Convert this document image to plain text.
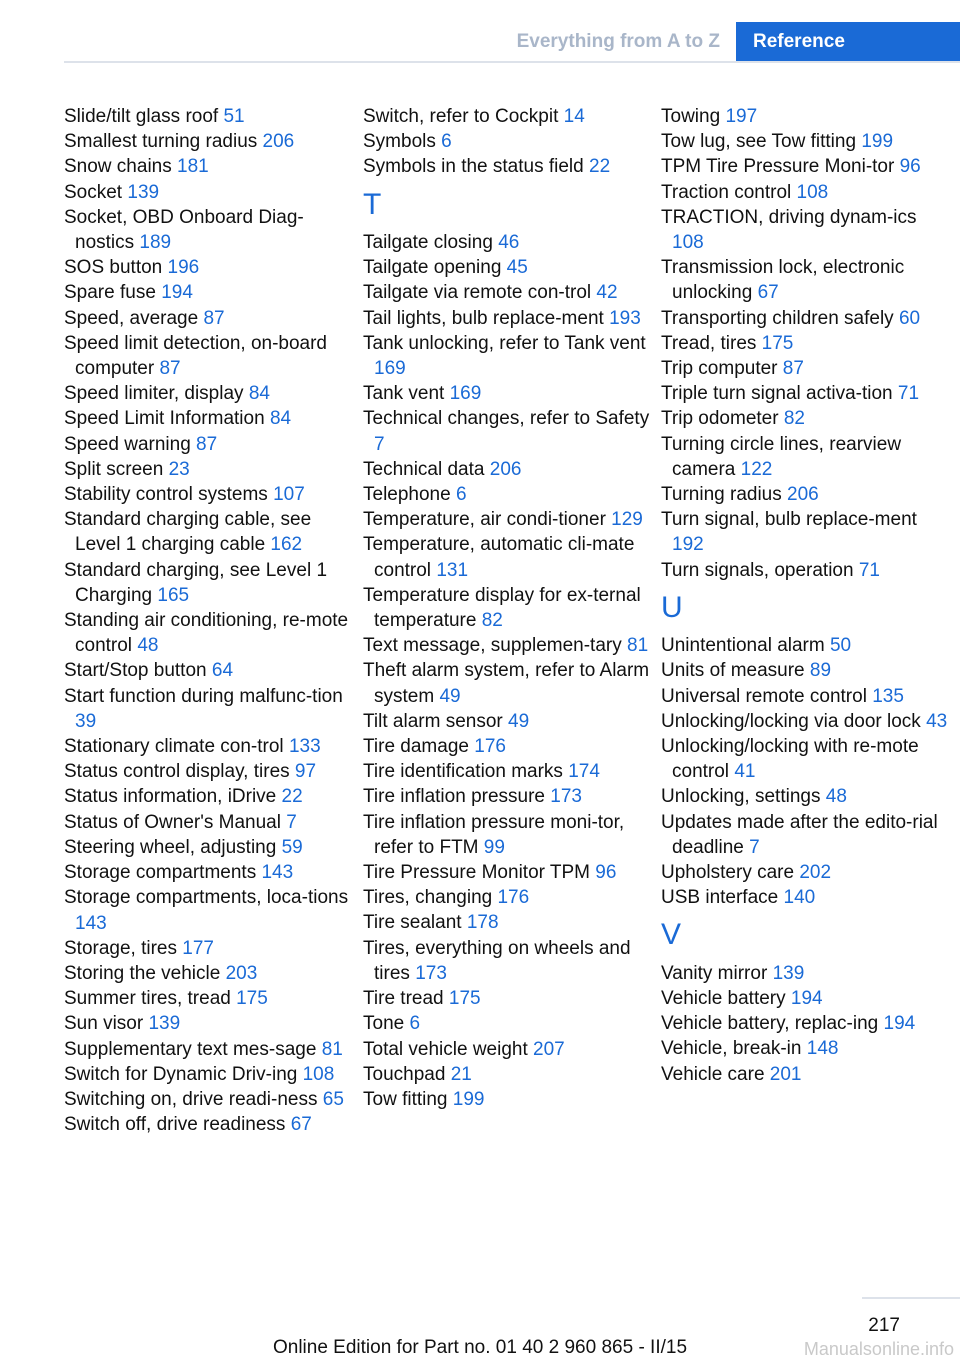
Everything from A to Z	Reference
Slide/tilt glass roof 51
Smallest turning radius 206
Snow chains 181
Socket 139
Socket, OBD Onboard Diag-nostics 189
SOS button 196
Spare fuse 194
Speed, average 87
Speed limit detection, on-board computer 87
Speed limiter, display 84
Speed Limit Information 84
Speed warning 87
Split screen 23
Stability control systems 107
Standard charging cable, see Level 1 charging cable 162
Standard charging, see Level 1 Charging 165
Standing air conditioning, re-mote control 48
Start/Stop button 64
Start function during malfunc-tion 39
Stationary climate con-trol 133
Status control display, tires 97
Status information, iDrive 22
Status of Owner's Manual 7
Steering wheel, adjusting 59
Storage compartments 143
Storage compartments, loca-tions 143
Storage, tires 177
Storing the vehicle 203
Summer tires, tread 175
Sun visor 139
Supplementary text mes-sage 81
Switch for Dynamic Driv-ing 108
Switching on, drive readi-ness 65
Switch off, drive readiness 67
Switch, refer to Cockpit 14
Symbols 6
Symbols in the status field 22
T
Tailgate closing 46
Tailgate opening 45
Tailgate via remote con-trol 42
Tail lights, bulb replace-ment 193
Tank unlocking, refer to Tank vent 169
Tank vent 169
Technical changes, refer to Safety 7
Technical data 206
Telephone 6
Temperature, air condi-tioner 129
Temperature, automatic cli-mate control 131
Temperature display for ex-ternal temperature 82
Text message, supplemen-tary 81
Theft alarm system, refer to Alarm system 49
Tilt alarm sensor 49
Tire damage 176
Tire identification marks 174
Tire inflation pressure 173
Tire inflation pressure moni-tor, refer to FTM 99
Tire Pressure Monitor TPM 96
Tires, changing 176
Tire sealant 178
Tires, everything on wheels and tires 173
Tire tread 175
Tone 6
Total vehicle weight 207
Touchpad 21
Tow fitting 199
Towing 197
Tow lug, see Tow fitting 199
TPM Tire Pressure Moni-tor 96
Traction control 108
TRACTION, driving dynam-ics 108
Transmission lock, electronic unlocking 67
Transporting children safely 60
Tread, tires 175
Trip computer 87
Triple turn signal activa-tion 71
Trip odometer 82
Turning circle lines, rearview camera 122
Turning radius 206
Turn signal, bulb replace-ment 192
Turn signals, operation 71
U
Unintentional alarm 50
Units of measure 89
Universal remote control 135
Unlocking/locking via door lock 43
Unlocking/locking with re-mote control 41
Unlocking, settings 48
Updates made after the edito-rial deadline 7
Upholstery care 202
USB interface 140
V
Vanity mirror 139
Vehicle battery 194
Vehicle battery, replac-ing 194
Vehicle, break-in 148
Vehicle care 201
217
Online Edition for Part no. 01 40 2 960 865 - II/15	Manualsonline.info
